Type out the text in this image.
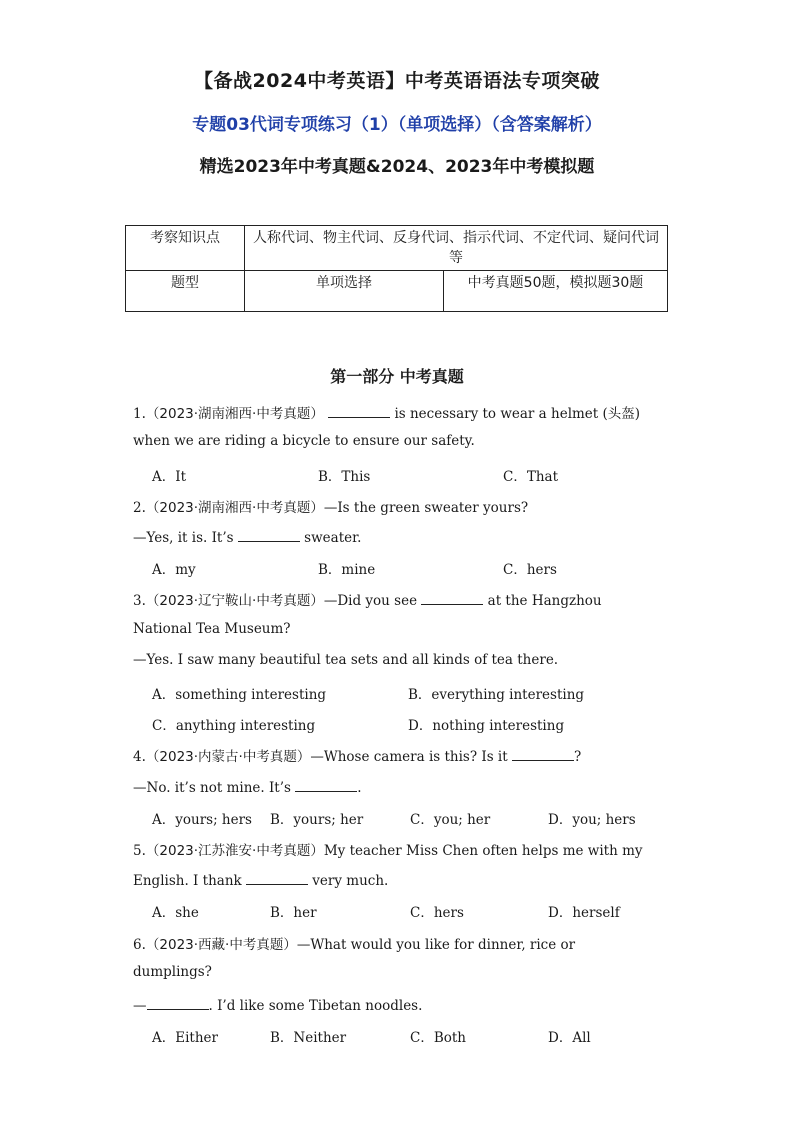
【备战2024中考英语】中考英语语法专项突破
专题03代词专项练习（1）（单项选择）（含答案解析）
精选2023年中考真题&2024、2023年中考模拟题
考察知识点	人称代词、物主代词、反身代词、指示代词、不定代词、疑问代词等	
题型	单项选择	中考真题50题，模拟题30题
第一部分 中考真题
1.（2023·湖南湘西·中考真题）	is necessary to wear a helmet (头盔)
when we are riding a bicycle to ensure our safety.
A．It	B．This	C．That
2.（2023·湖南湘西·中考真题）—Is the green sweater yours?
—Yes, it is. It’s	sweater.
A．my	B．mine	C．hers
3.（2023·辽宁鞍山·中考真题）—Did you see	at the Hangzhou
National Tea Museum?
—Yes. I saw many beautiful tea sets and all kinds of tea there.
A．something interesting	B．everything interesting
C．anything interesting	D．nothing interesting
4.（2023·内蒙古·中考真题）—Whose camera is this? Is it	?
—No. it’s not mine. It’s	.
A．yours; hers B．yours; her	C．you; her	D．you; hers
5.（2023·江苏淮安·中考真题）My teacher Miss Chen often helps me with my
English. I thank	very much.
A．she	B．her	C．hers	D．herself
6.（2023·西藏·中考真题）—What would you like for dinner, rice or
dumplings?
—	. I’d like some Tibetan noodles.
A．Either	B．Neither	C．Both	D．All
